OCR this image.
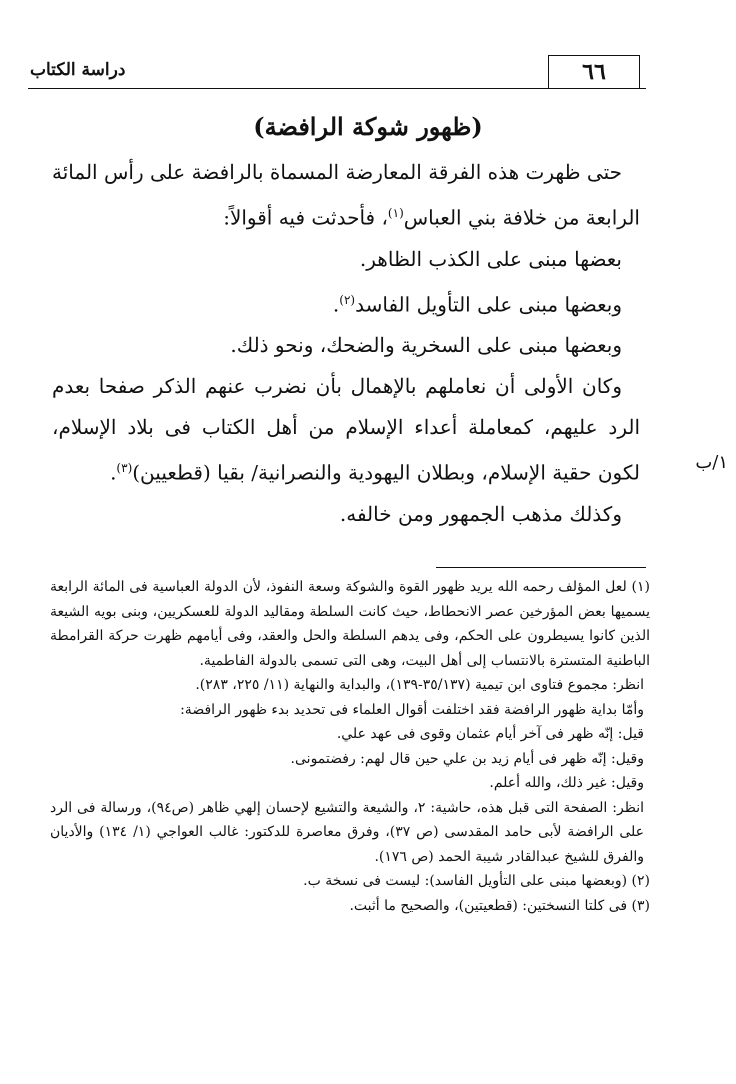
٦٦
دراسة الكتاب
(ظهور شوكة الرافضة)

حتى ظهرت هذه الفرقة المعارضة المسماة بالرافضة على رأس المائة الرابعة من خلافة بني العباس$^{(١)}$، فأحدثت فيه أقوالاً:

بعضها مبنى على الكذب الظاهر.

وبعضها مبنى على التأويل الفاسد$^{(٢)}$.

وبعضها مبنى على السخرية والضحك، ونحو ذلك.

وكان الأولى أن نعاملهم بالإهمال بأن نضرب عنهم الذكر صفحا بعدم الرد عليهم، كمعاملة أعداء الإسلام من أهل الكتاب فى بلاد الإسلام، لكون حقية الإسلام، وبطلان اليهودية والنصرانية/ بقيا (قطعيين)$^{(٣)}$.

وكذلك مذهب الجمهور ومن خالفه.

١/ب

(١) لعل المؤلف رحمه الله يريد ظهور القوة والشوكة وسعة النفوذ، لأن الدولة العباسية فى المائة الرابعة يسميها بعض المؤرخين عصر الانحطاط، حيث كانت السلطة ومقاليد الدولة للعسكريين، وبنى بويه الشيعة الذين كانوا يسيطرون على الحكم، وفى يدهم السلطة والحل والعقد، وفى أيامهم ظهرت حركة القرامطة الباطنية المتسترة بالانتساب إلى أهل البيت، وهى التى تسمى بالدولة الفاطمية.

انظر: مجموع فتاوى ابن تيمية (٣٥/١٣٧-١٣٩)، والبداية والنهاية (١١/ ٢٢٥، ٢٨٣).

وأمّا بداية ظهور الرافضة فقد اختلفت أقوال العلماء فى تحديد بدء ظهور الرافضة:

قيل: إنّه ظهر فى آخر أيام عثمان وقوى فى عهد علي.

وقيل: إنّه ظهر فى أيام زيد بن علي حين قال لهم: رفضتمونى.

وقيل: غير ذلك، والله أعلم.

انظر: الصفحة التى قبل هذه، حاشية: ٢، والشيعة والتشيع لإحسان إلهي ظاهر (ص٩٤)، ورسالة فى الرد على الرافضة لأبى حامد المقدسى (ص ٣٧)، وفرق معاصرة للدكتور: غالب العواجي (١/ ١٣٤) والأديان والفرق للشيخ عبدالقادر شيبة الحمد (ص ١٧٦).

(٢) (وبعضها مبنى على التأويل الفاسد): ليست فى نسخة ب.

(٣) فى كلتا النسختين: (قطعيتين)، والصحيح ما أثبت.
